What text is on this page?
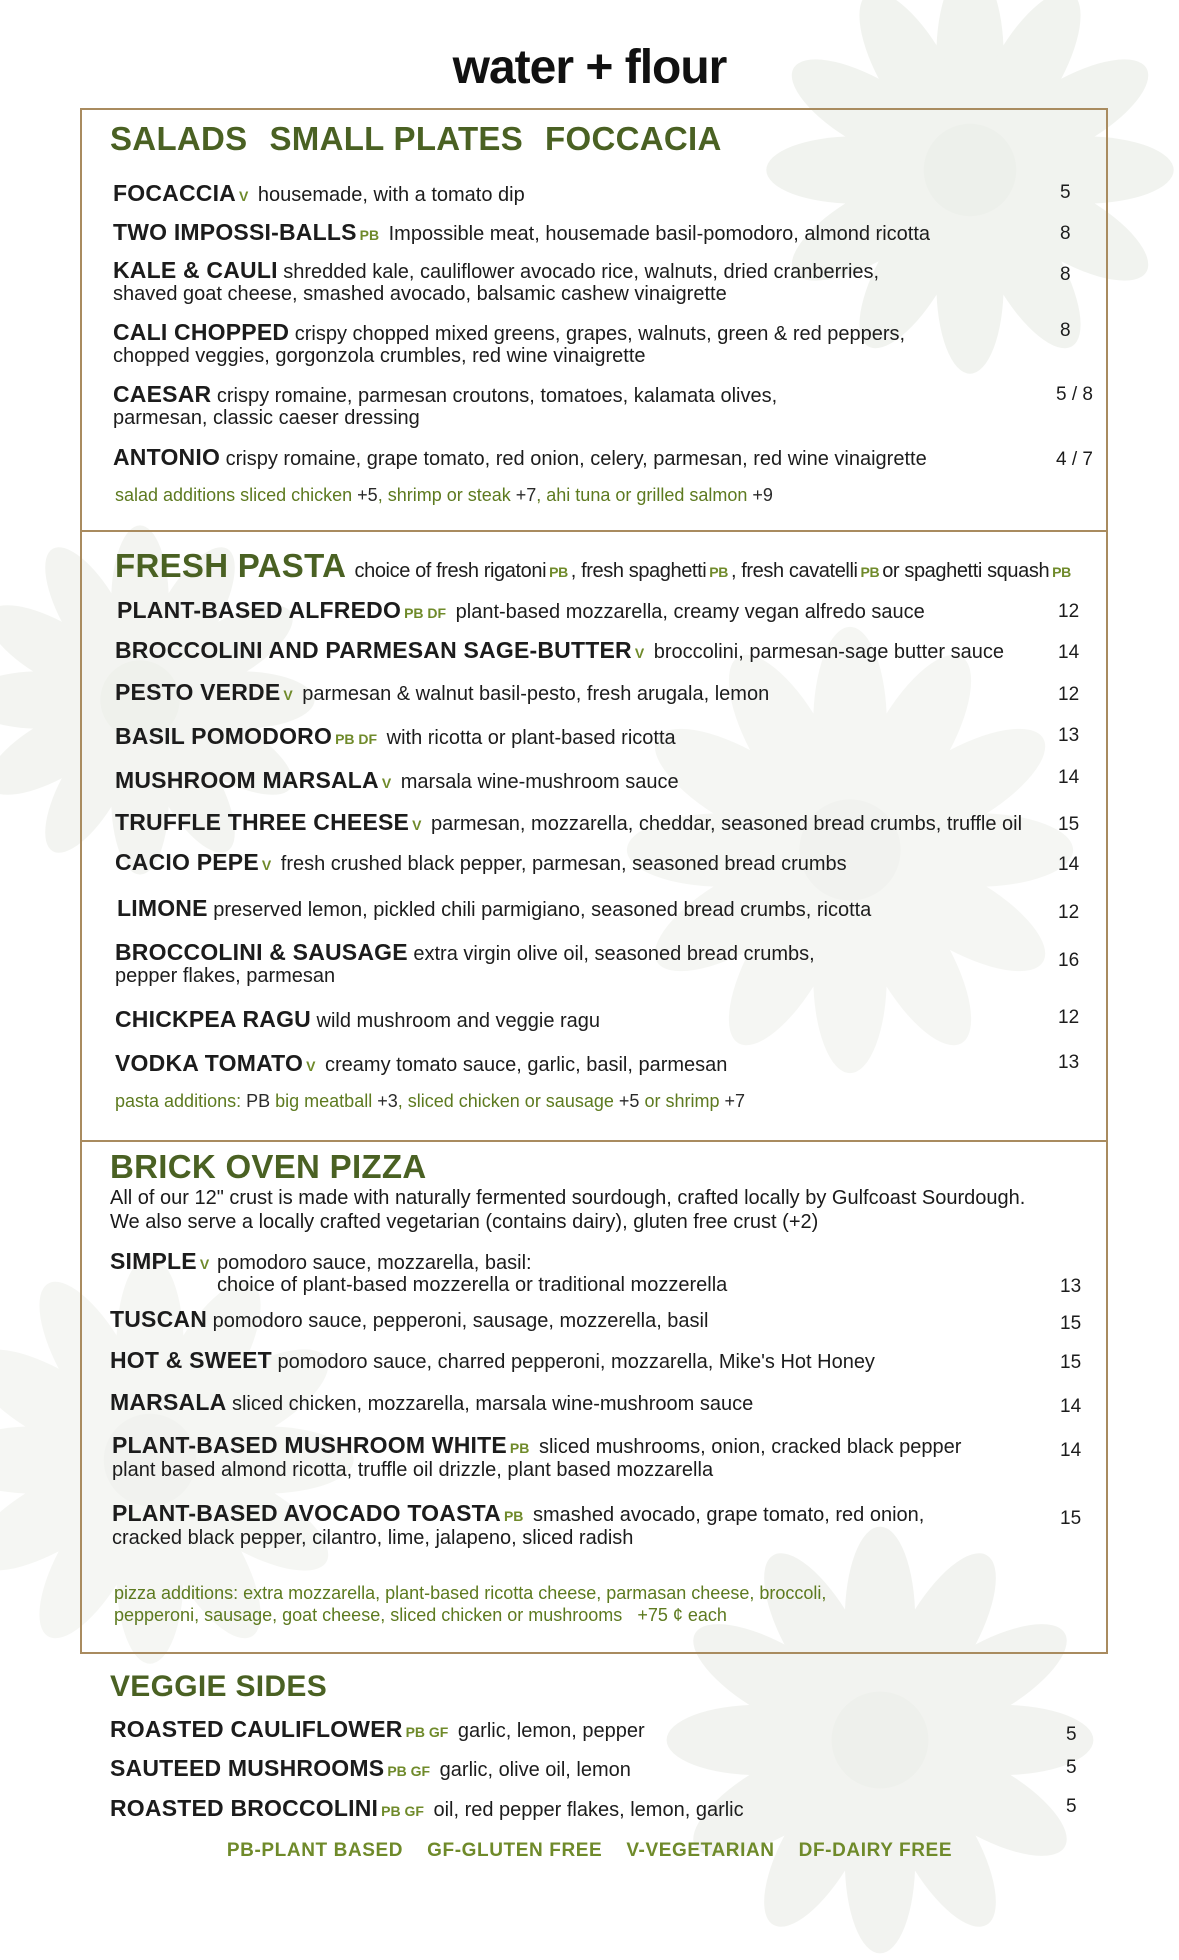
water + flour
SALADS SMALL PLATES FOCCACIA
FOCACCIA V housemade, with a tomato dip	5
TWO IMPOSSI-BALLS PB Impossible meat, housemade basil-pomodoro, almond ricotta	8
KALE & CAULI shredded kale, cauliflower avocado rice, walnuts, dried cranberries,
shaved goat cheese, smashed avocado, balsamic cashew vinaigrette
8
CALI CHOPPED crispy chopped mixed greens, grapes, walnuts, green & red peppers,
chopped veggies, gorgonzola crumbles, red wine vinaigrette
8
CAESAR crispy romaine, parmesan croutons, tomatoes, kalamata olives,
parmesan, classic caeser dressing
5 / 8
ANTONIO crispy romaine, grape tomato, red onion, celery, parmesan, red wine vinaigrette	4 / 7
salad additions sliced chicken +5, shrimp or steak +7, ahi tuna or grilled salmon +9
FRESH PASTA choice of fresh rigatoni PB , fresh spaghetti PB , fresh cavatelli PB or spaghetti squash PB
PLANT-BASED ALFREDO PB DF plant-based mozzarella, creamy vegan alfredo sauce	12
BROCCOLINI AND PARMESAN SAGE-BUTTER V broccolini, parmesan-sage butter sauce	14
PESTO VERDE V parmesan & walnut basil-pesto, fresh arugala, lemon	12
BASIL POMODORO PB DF with ricotta or plant-based ricotta	13
MUSHROOM MARSALA V marsala wine-mushroom sauce	14
TRUFFLE THREE CHEESE V parmesan, mozzarella, cheddar, seasoned bread crumbs, truffle oil 15
CACIO PEPE V fresh crushed black pepper, parmesan, seasoned bread crumbs	14
LIMONE preserved lemon, pickled chili parmigiano, seasoned bread crumbs, ricotta	12
BROCCOLINI & SAUSAGE extra virgin olive oil, seasoned bread crumbs,
pepper flakes, parmesan
16
CHICKPEA RAGU wild mushroom and veggie ragu	12
VODKA TOMATO V creamy tomato sauce, garlic, basil, parmesan	13
pasta additions: PB big meatball +3, sliced chicken or sausage +5 or shrimp +7
BRICK OVEN PIZZA
All of our 12" crust is made with naturally fermented sourdough, crafted locally by Gulfcoast Sourdough.
We also serve a locally crafted vegetarian (contains dairy), gluten free crust (+2)
SIMPLE V pomodoro sauce, mozzarella, basil:
choice of plant-based mozzerella or traditional mozzerella	13
TUSCAN pomodoro sauce, pepperoni, sausage, mozzerella, basil	15
HOT & SWEET pomodoro sauce, charred pepperoni, mozzarella, Mike's Hot Honey	15
MARSALA sliced chicken, mozzarella, marsala wine-mushroom sauce	14
PLANT-BASED MUSHROOM WHITE PB sliced mushrooms, onion, cracked black pepper
plant based almond ricotta, truffle oil drizzle, plant based mozzarella
14
PLANT-BASED AVOCADO TOASTA PB smashed avocado, grape tomato, red onion,
cracked black pepper, cilantro, lime, jalapeno, sliced radish
15
pizza additions: extra mozzarella, plant-based ricotta cheese, parmasan cheese, broccoli,
pepperoni, sausage, goat cheese, sliced chicken or mushrooms +75 ¢ each
VEGGIE SIDES
ROASTED CAULIFLOWER PB GF garlic, lemon, pepper	5
SAUTEED MUSHROOMS PB GF garlic, olive oil, lemon	5
ROASTED BROCCOLINI PB GF oil, red pepper flakes, lemon, garlic	5
PB-PLANT BASED GF-GLUTEN FREE V-VEGETARIAN DF-DAIRY FREE
